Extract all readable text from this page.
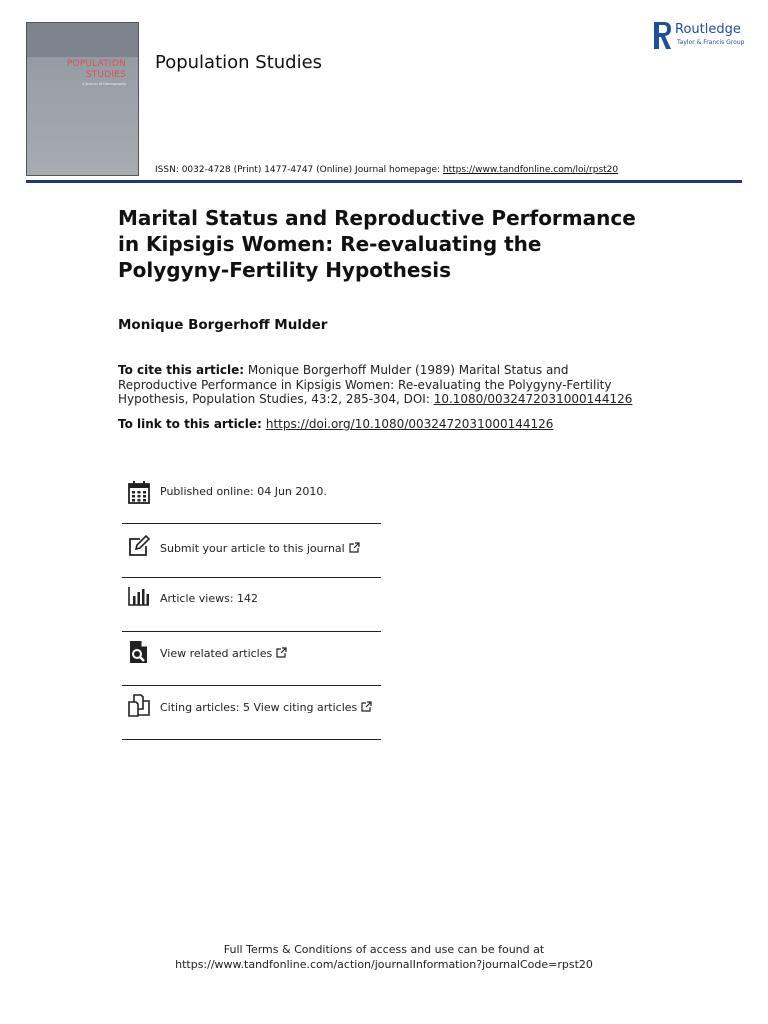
POPULATION
STUDIES
A Journal of Demography
Population Studies
Routledge
Taylor & Francis Group
ISSN: 0032-4728 (Print) 1477-4747 (Online) Journal homepage: https://www.tandfonline.com/loi/rpst20
Marital Status and Reproductive Performance in Kipsigis Women: Re-evaluating the Polygyny-Fertility Hypothesis
Monique Borgerhoff Mulder
To cite this article: Monique Borgerhoff Mulder (1989) Marital Status and Reproductive Performance in Kipsigis Women: Re-evaluating the Polygyny-Fertility Hypothesis, Population Studies, 43:2, 285-304, DOI: 10.1080/0032472031000144126
To link to this article: https://doi.org/10.1080/0032472031000144126
Published online: 04 Jun 2010.
Submit your article to this journal
Article views: 142
View related articles
Citing articles: 5 View citing articles
Full Terms & Conditions of access and use can be found at
https://www.tandfonline.com/action/journalInformation?journalCode=rpst20
